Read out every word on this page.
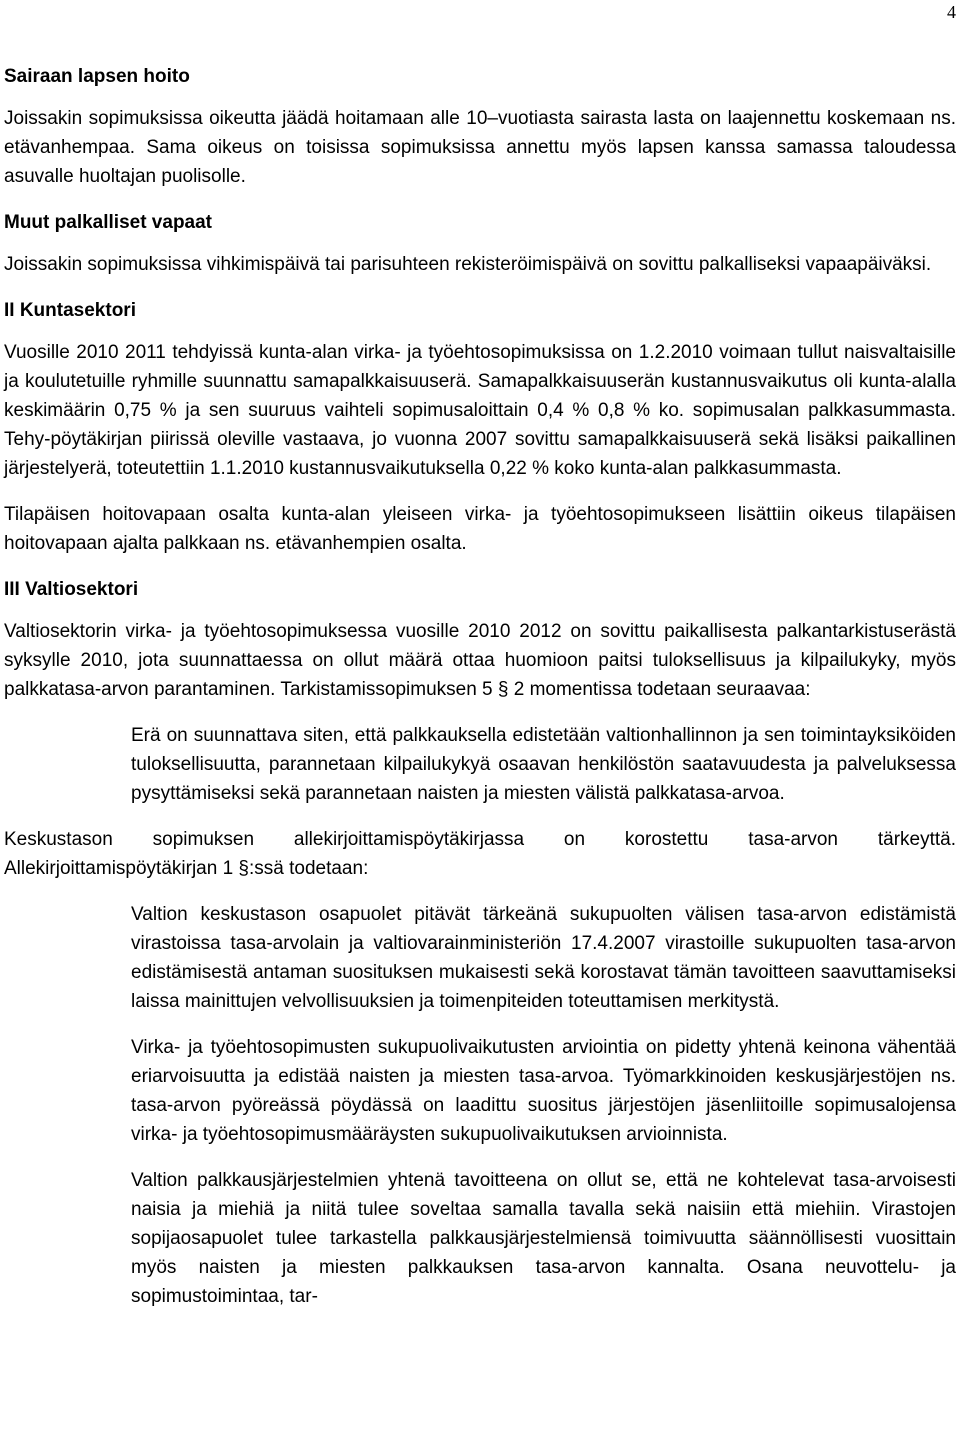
4
Sairaan lapsen hoito

Joissakin sopimuksissa oikeutta jäädä hoitamaan alle 10–vuotiasta sairasta lasta on laajennettu koskemaan ns. etävanhempaa. Sama oikeus on toisissa sopimuksissa annettu myös lapsen kanssa samassa taloudessa asuvalle huoltajan puolisolle.

Muut palkalliset vapaat

Joissakin sopimuksissa vihkimispäivä tai parisuhteen rekisteröimispäivä on sovittu palkalliseksi vapaapäiväksi.

II Kuntasektori

Vuosille 2010 2011 tehdyissä kunta-alan virka- ja työehtosopimuksissa on 1.2.2010 voimaan tullut naisvaltaisille ja koulutetuille ryhmille suunnattu samapalkkaisuuserä. Samapalkkaisuuserän kustannusvaikutus oli kunta-alalla keskimäärin 0,75 % ja sen suuruus vaihteli sopimusaloittain 0,4 % 0,8 % ko. sopimusalan palkkasummasta. Tehy-pöytäkirjan piirissä oleville vastaava, jo vuonna 2007 sovittu samapalkkaisuuserä sekä lisäksi paikallinen järjestelyerä, toteutettiin 1.1.2010 kustannusvaikutuksella 0,22 % koko kunta-alan palkkasummasta.

Tilapäisen hoitovapaan osalta kunta-alan yleiseen virka- ja työehtosopimukseen lisättiin oikeus tilapäisen hoitovapaan ajalta palkkaan ns. etävanhempien osalta.

III Valtiosektori

Valtiosektorin virka- ja työehtosopimuksessa vuosille 2010 2012 on sovittu paikallisesta palkantarkistuserästä syksylle 2010, jota suunnattaessa on ollut määrä ottaa huomioon paitsi tuloksellisuus ja kilpailukyky, myös palkkatasa-arvon parantaminen. Tarkistamissopimuksen 5 § 2 momentissa todetaan seuraavaa:

Erä on suunnattava siten, että palkkauksella edistetään valtionhallinnon ja sen toimintayksiköiden tuloksellisuutta, parannetaan kilpailukykyä osaavan henkilöstön saatavuudesta ja palveluksessa pysyttämiseksi sekä parannetaan naisten ja miesten välistä palkkatasa-arvoa.

Keskustason sopimuksen allekirjoittamispöytäkirjassa on korostettu tasa-arvon tärkeyttä. Allekirjoittamispöytäkirjan 1 §:ssä todetaan:

Valtion keskustason osapuolet pitävät tärkeänä sukupuolten välisen tasa-arvon edistämistä virastoissa tasa-arvolain ja valtiovarainministeriön 17.4.2007 virastoille sukupuolten tasa-arvon edistämisestä antaman suosituksen mukaisesti sekä korostavat tämän tavoitteen saavuttamiseksi laissa mainittujen velvollisuuksien ja toimenpiteiden toteuttamisen merkitystä.

Virka- ja työehtosopimusten sukupuolivaikutusten arviointia on pidetty yhtenä keinona vähentää eriarvoisuutta ja edistää naisten ja miesten tasa-arvoa. Työmarkkinoiden keskusjärjestöjen ns. tasa-arvon pyöreässä pöydässä on laadittu suositus järjestöjen jäsenliitoille sopimusalojensa virka- ja työehtosopimusmääräysten sukupuolivaikutuksen arvioinnista.

Valtion palkkausjärjestelmien yhtenä tavoitteena on ollut se, että ne kohtelevat tasa-arvoisesti naisia ja miehiä ja niitä tulee soveltaa samalla tavalla sekä naisiin että miehiin. Virastojen sopijaosapuolet tulee tarkastella palkkausjärjestelmiensä toimivuutta säännöllisesti vuosittain myös naisten ja miesten palkkauksen tasa-arvon kannalta. Osana neuvottelu- ja sopimustoimintaa, tar-
